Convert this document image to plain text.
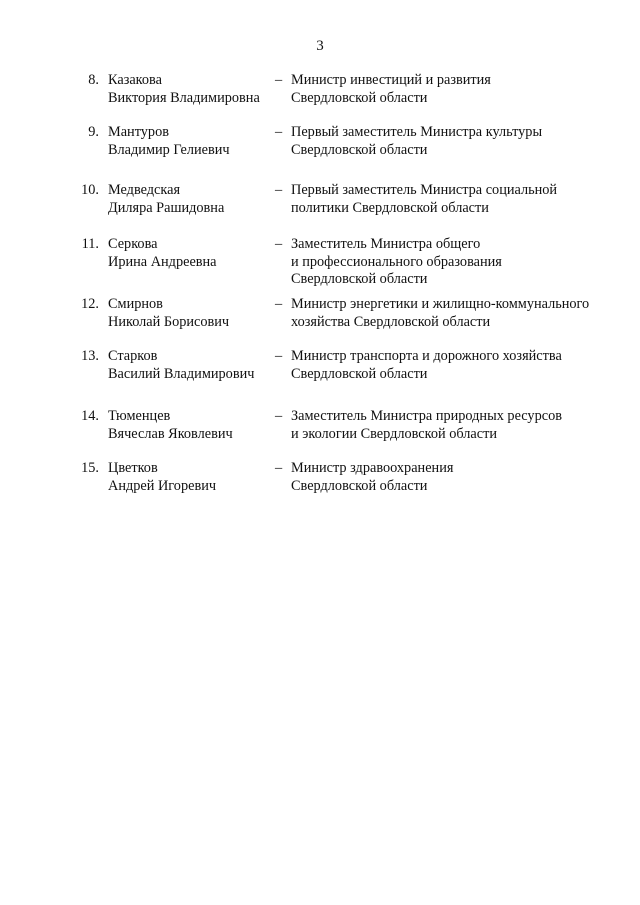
3
8. Казакова
Виктория Владимировна
– Министр инвестиций и развития
Свердловской области
9. Мантуров
Владимир Гелиевич
– Первый заместитель Министра культуры
Свердловской области
10. Медведская
Диляра Рашидовна
– Первый заместитель Министра социальной
политики Свердловской области
11. Серкова
Ирина Андреевна
– Заместитель Министра общего
и профессионального образования
Свердловской области
12. Смирнов
Николай Борисович
– Министр энергетики и жилищно-коммунального
хозяйства Свердловской области
13. Старков
Василий Владимирович
– Министр транспорта и дорожного хозяйства
Свердловской области
14. Тюменцев
Вячеслав Яковлевич
– Заместитель Министра природных ресурсов
и экологии Свердловской области
15. Цветков
Андрей Игоревич
– Министр здравоохранения
Свердловской области
